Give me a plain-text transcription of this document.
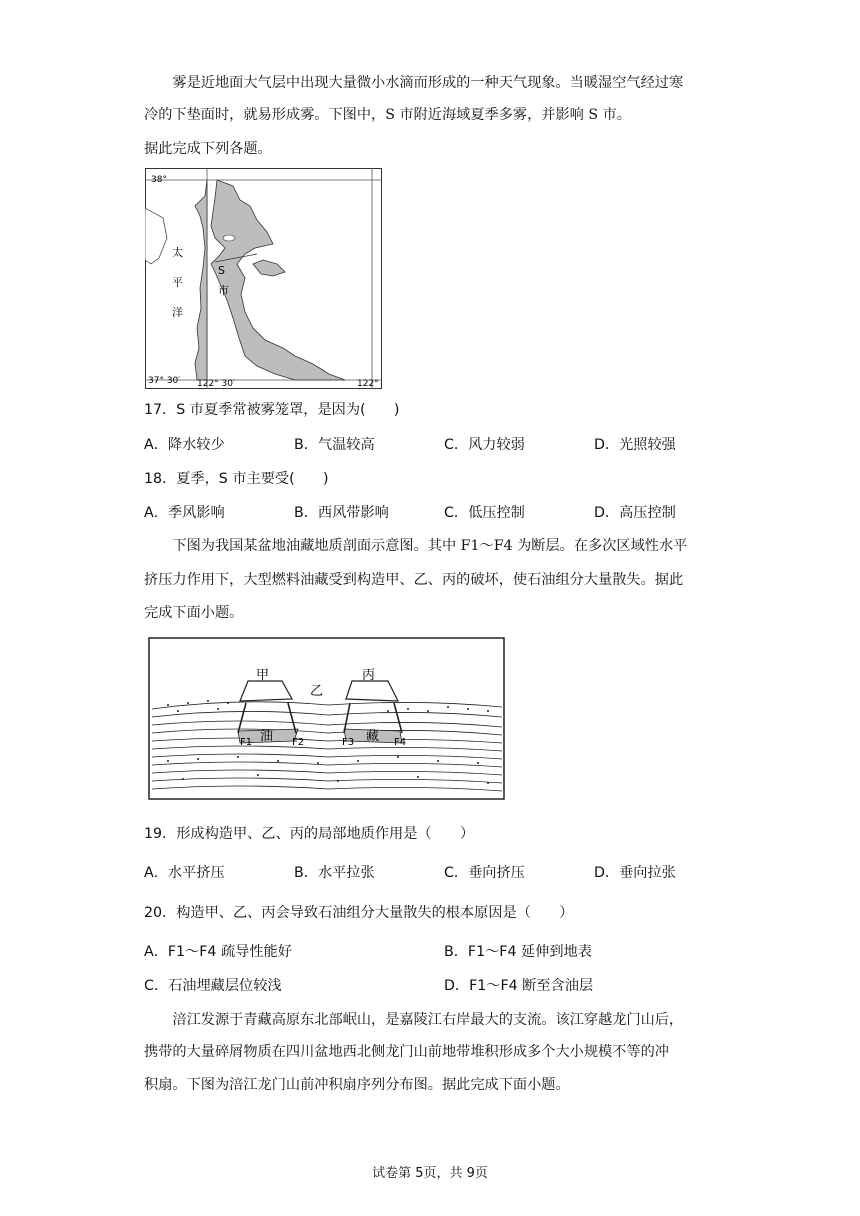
雾是近地面大气层中出现大量微小水滴而形成的一种天气现象。当暖湿空气经过寒
冷的下垫面时，就易形成雾。下图中，S 市附近海域夏季多雾，并影响 S 市。
据此完成下列各题。
38°
37° 30′ 122° 30′	122°
太
平
洋
S
市
17．S 市夏季常被雾笼罩，是因为(　　)
A．降水较少	B．气温较高	C．风力较弱	D．光照较强
18．夏季，S 市主要受(　　)
A．季风影响	B．西风带影响	C．低压控制	D．高压控制
下图为我国某盆地油藏地质剖面示意图。其中 F1～F4 为断层。在多次区域性水平
挤压力作用下，大型燃料油藏受到构造甲、乙、丙的破坏，使石油组分大量散失。据此
完成下面小题。
甲
乙
丙
油	藏
F1	F2	F3	F4
19．形成构造甲、乙、丙的局部地质作用是（　　）
A．水平挤压	B．水平拉张	C．垂向挤压	D．垂向拉张
20．构造甲、乙、丙会导致石油组分大量散失的根本原因是（　　）
A．F1～F4 疏导性能好	B．F1～F4 延伸到地表
C．石油埋藏层位较浅	D．F1～F4 断至含油层
涪江发源于青藏高原东北部岷山，是嘉陵江右岸最大的支流。该江穿越龙门山后，
携带的大量碎屑物质在四川盆地西北侧龙门山前地带堆积形成多个大小规模不等的冲
积扇。下图为涪江龙门山前冲积扇序列分布图。据此完成下面小题。
试卷第 5页，共 9页
